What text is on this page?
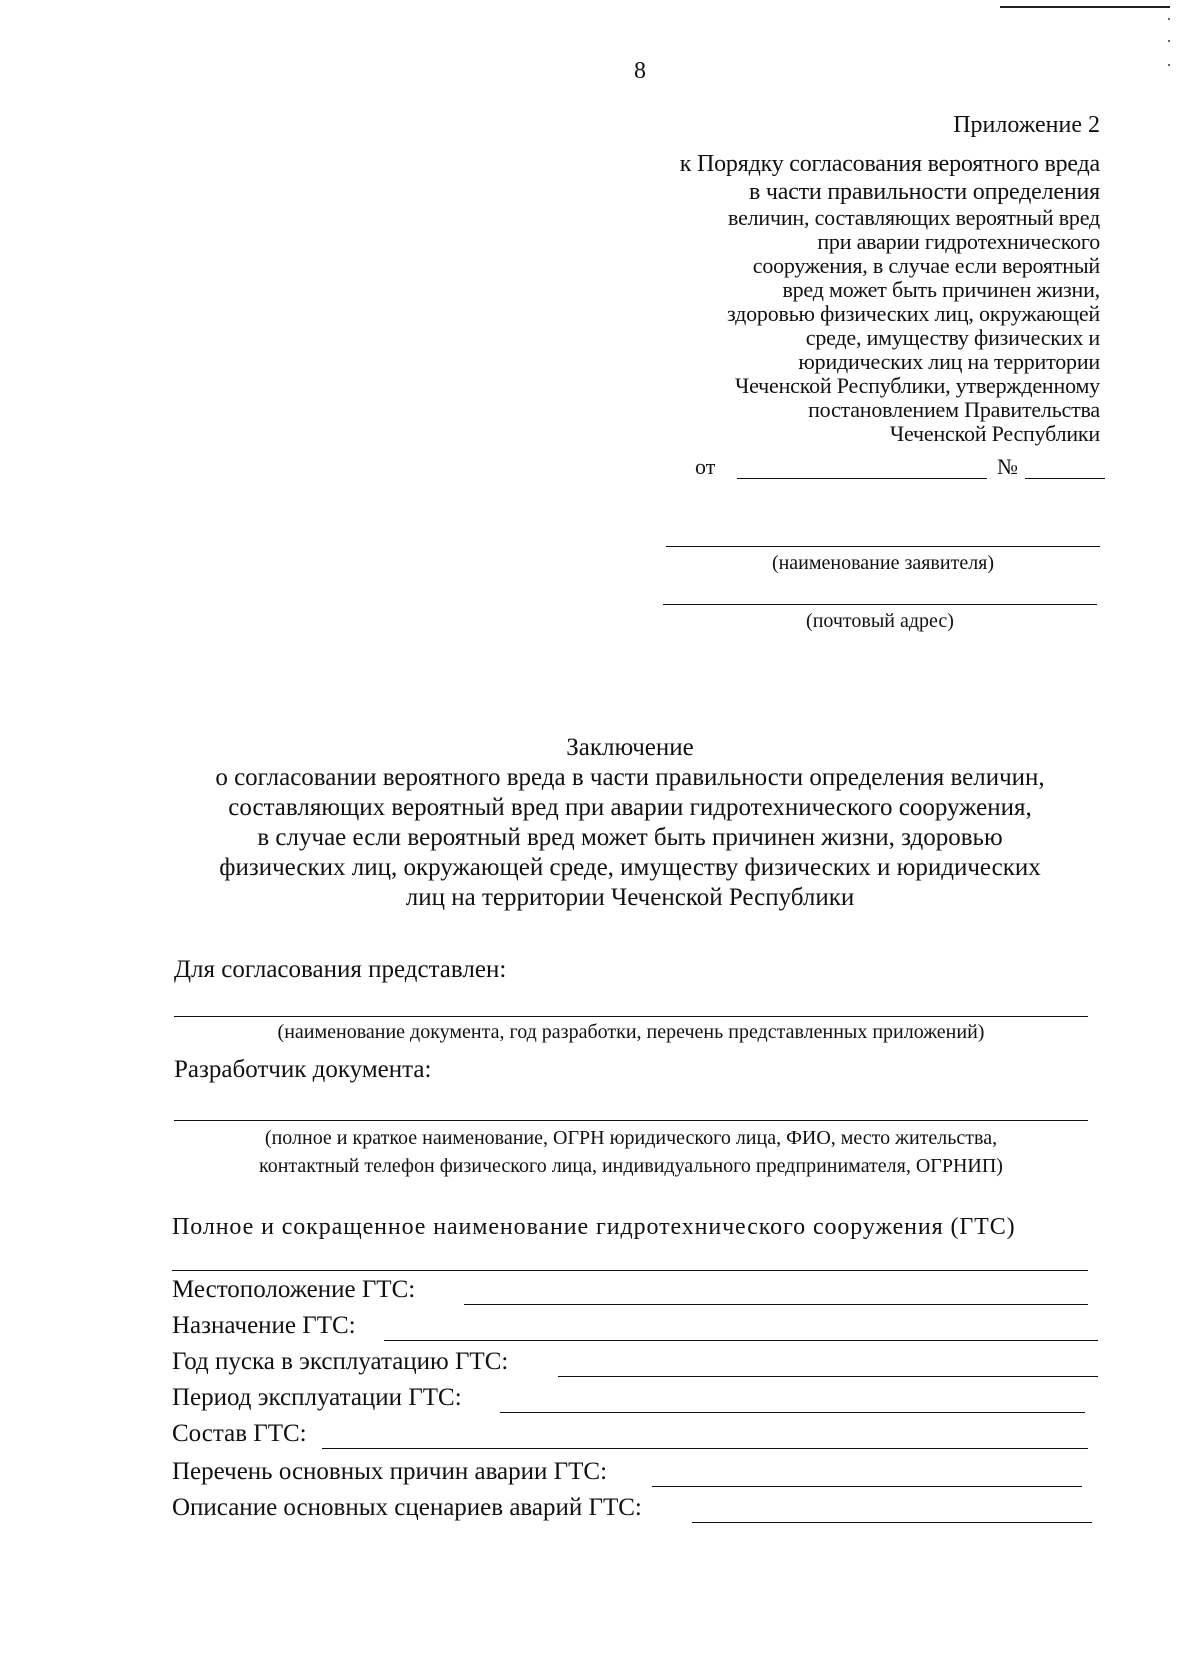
8
Приложение 2
к Порядку согласования вероятного вреда
в части правильности определения
величин, составляющих вероятный вред
при аварии гидротехнического
сооружения, в случае если вероятный
вред может быть причинен жизни,
здоровью физических лиц, окружающей
среде, имуществу физических и
юридических лиц на территории
Чеченской Республики, утвержденному
постановлением Правительства
Чеченской Республики
от	№
(наименование заявителя)
(почтовый адрес)
Заключение
о согласовании вероятного вреда в части правильности определения величин,
составляющих вероятный вред при аварии гидротехнического сооружения,
в случае если вероятный вред может быть причинен жизни, здоровью
физических лиц, окружающей среде, имуществу физических и юридических
лиц на территории Чеченской Республики
Для согласования представлен:
(наименование документа, год разработки, перечень представленных приложений)
Разработчик документа:
(полное и краткое наименование, ОГРН юридического лица, ФИО, место жительства,
контактный телефон физического лица, индивидуального предпринимателя, ОГРНИП)
Полное и сокращенное наименование гидротехнического сооружения (ГТС)
Местоположение ГТС:
Назначение ГТС:
Год пуска в эксплуатацию ГТС:
Период эксплуатации ГТС:
Состав ГТС:
Перечень основных причин аварии ГТС:
Описание основных сценариев аварий ГТС:
